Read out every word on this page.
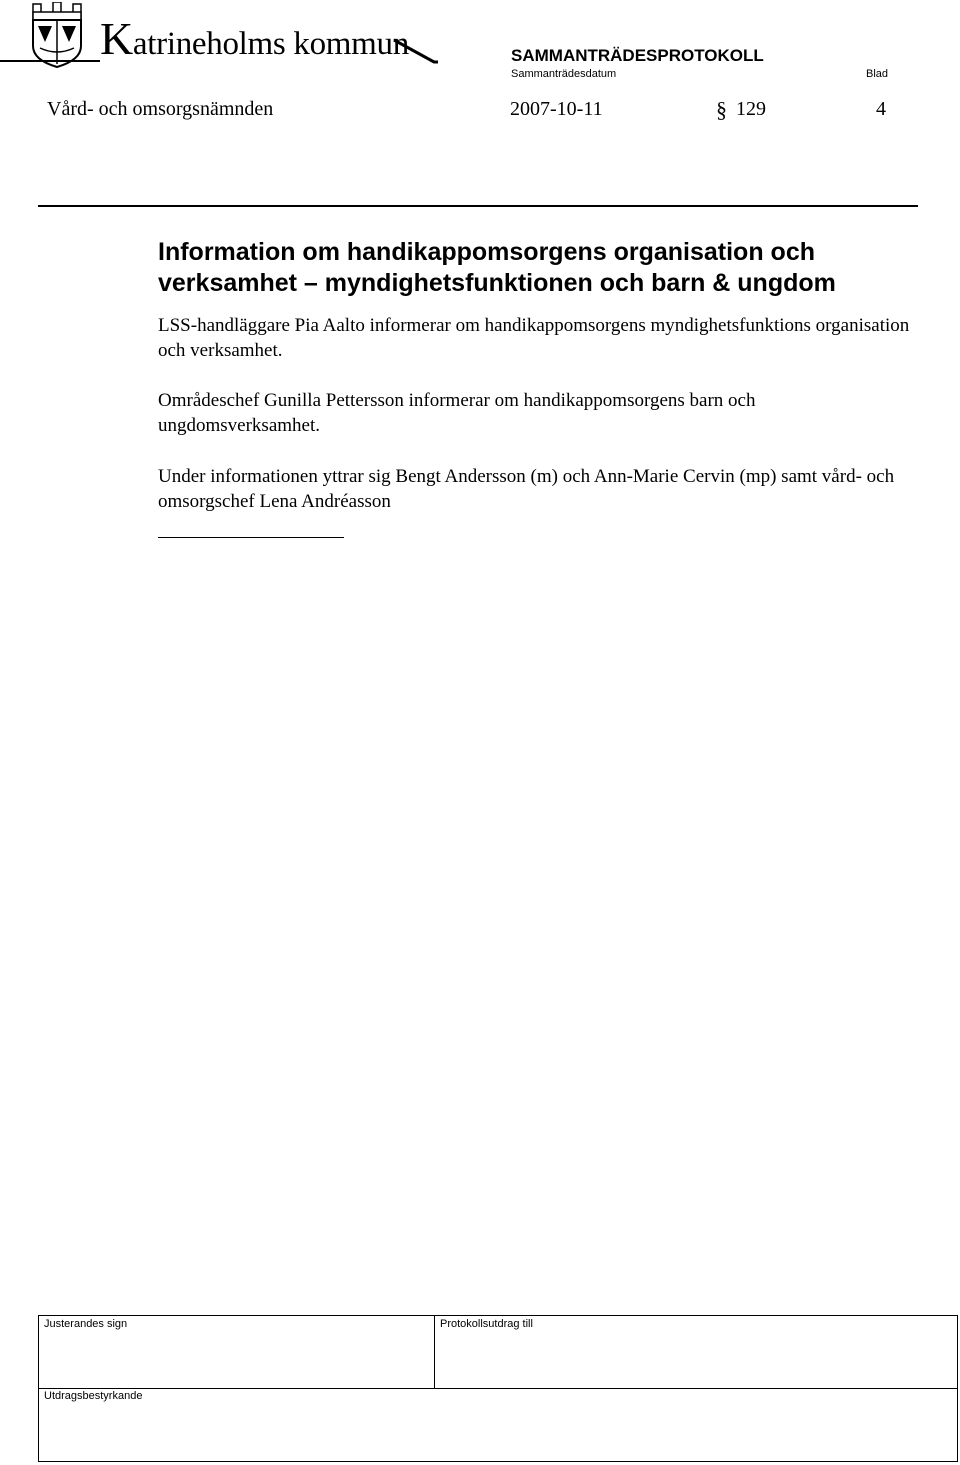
Katrineholms kommun	SAMMANTRÄDESPROTOKOLL
Sammanträdesdatum	Blad
Vård- och omsorgsnämnden	2007-10-11	§ 129	4
Information om handikappomsorgens organisation och verksamhet – myndighetsfunktionen och barn & ungdom
LSS-handläggare Pia Aalto informerar om handikappomsorgens myndighetsfunktions organisation och verksamhet.
Områdeschef Gunilla Pettersson informerar om handikappomsorgens barn och ungdomsverksamhet.
Under informationen yttrar sig Bengt Andersson (m) och Ann-Marie Cervin (mp) samt vård- och omsorgschef Lena Andréasson
Justerandes sign	Protokollsutdrag till
Utdragsbestyrkande
